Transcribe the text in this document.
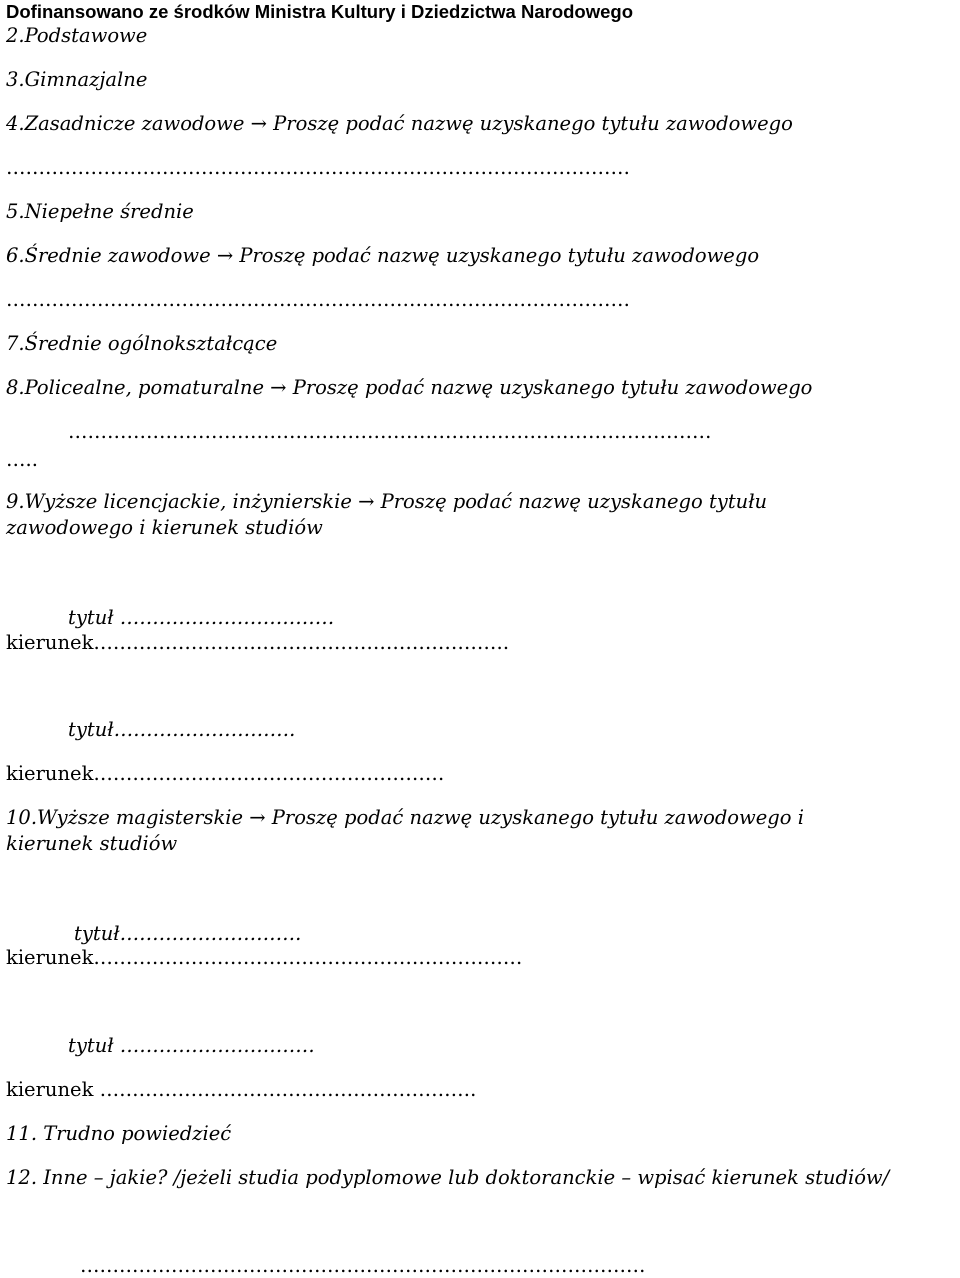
Dofinansowano ze środków Ministra Kultury i Dziedzictwa Narodowego
2.Podstawowe
3.Gimnazjalne
4.Zasadnicze zawodowe → Proszę podać nazwę uzyskanego tytułu zawodowego
……………………………………………………………………………………
5.Niepełne średnie
6.Średnie zawodowe → Proszę podać nazwę uzyskanego tytułu zawodowego
……………………………………………………………………………………
7.Średnie ogólnokształcące
8.Policealne, pomaturalne → Proszę podać nazwę uzyskanego tytułu zawodowego
………………………………………………………………………………………
…..
9.Wyższe licencjackie, inżynierskie → Proszę podać nazwę uzyskanego tytułu
zawodowego i kierunek studiów
tytuł ……………………………
kierunek……………………………………………………….
tytuł……………………….
kierunek………………………………………………
10.Wyższe magisterskie → Proszę podać nazwę uzyskanego tytułu zawodowego i
kierunek studiów
tytuł……………………….
kierunek…………………………………………………………
tytuł …………………………
kierunek ………………………………………………….
11. Trudno powiedzieć
12. Inne – jakie? /jeżeli studia podyplomowe lub doktoranckie – wpisać kierunek studiów/
……………………………………………………………………………
